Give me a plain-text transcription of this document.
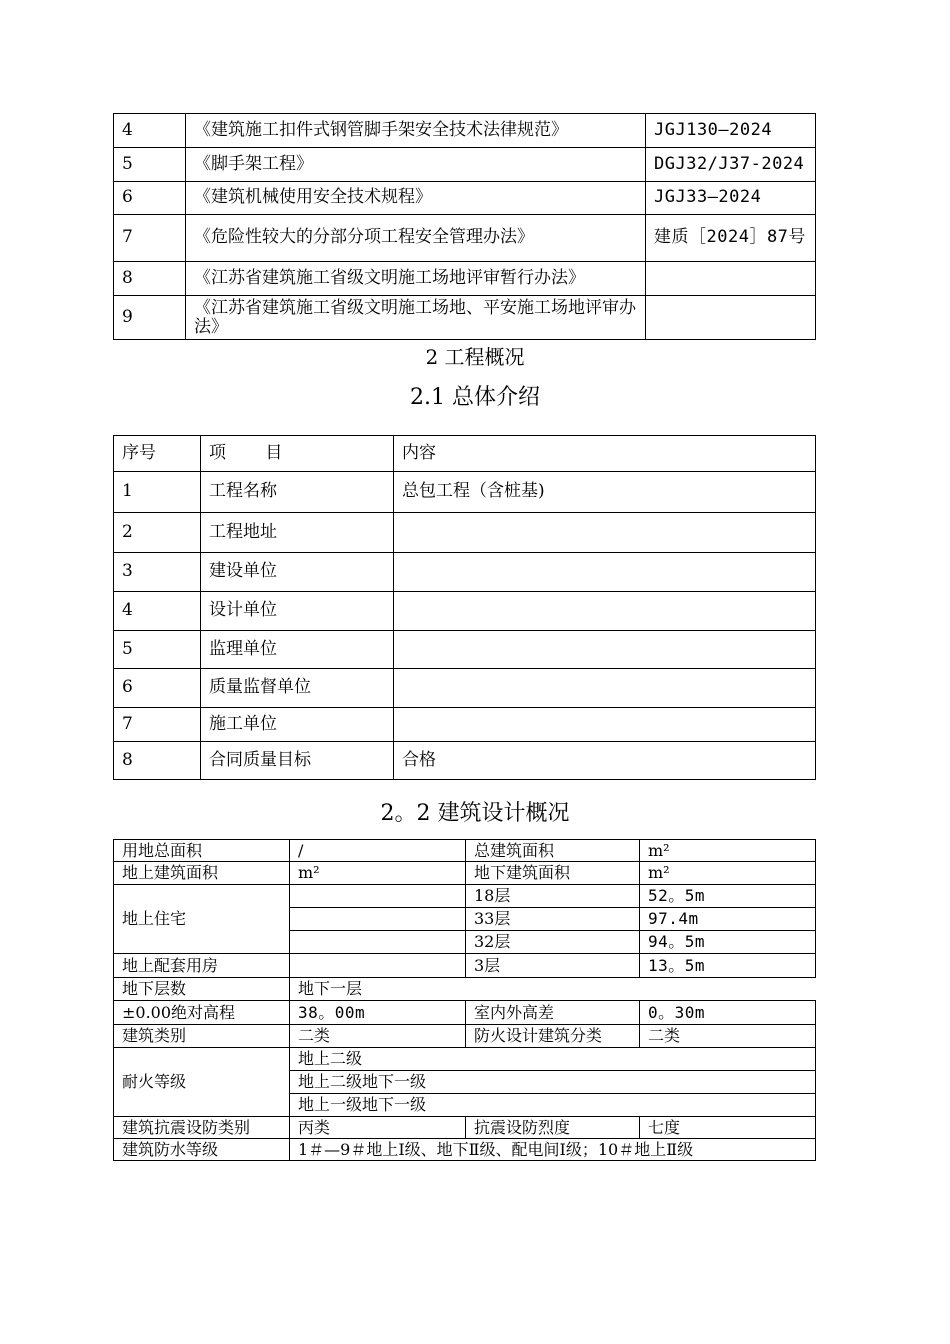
4	《建筑施工扣件式钢管脚手架安全技术法律规范》	JGJ130—2024
5	《脚手架工程》	DGJ32/J37-2024
6	《建筑机械使用安全技术规程》	JGJ33—2024
7	《危险性较大的分部分项工程安全管理办法》	建质［2024］87号
8	《江苏省建筑施工省级文明施工场地评审暂行办法》	
9	《江苏省建筑施工省级文明施工场地、平安施工场地评审办法》	
2 工程概况
2.1 总体介绍
序号	项 目	内容
1	工程名称	总包工程（含桩基)
2	工程地址	
3	建设单位	
4	设计单位	
5	监理单位	
6	质量监督单位	
7	施工单位	
8	合同质量目标	合格
2。2 建筑设计概况
用地总面积	/	总建筑面积	m²
地上建筑面积	m²	地下建筑面积	m²
地上住宅		18层	52。5m
		33层	97.4m
		32层	94。5m
地上配套用房		3层	13。5m
地下层数	地下一层		
±0.00绝对高程	38。00m	室内外高差	0。30m
建筑类别	二类	防火设计建筑分类	二类
耐火等级	地上二级		
	地上二级地下一级		
	地上一级地下一级		
建筑抗震设防类别	丙类	抗震设防烈度	七度
建筑防水等级	1＃—9＃地上Ⅰ级、地下Ⅱ级、配电间Ⅰ级；10＃地上Ⅱ级		
